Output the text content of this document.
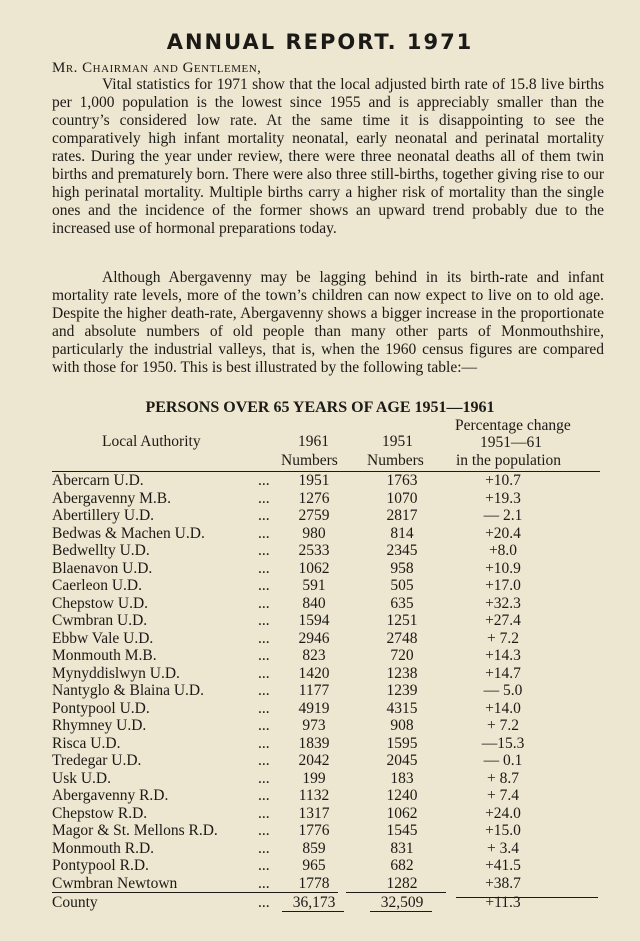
ANNUAL REPORT. 1971
Mr. Chairman and Gentlemen,

Vital statistics for 1971 show that the local adjusted birth rate of 15.8 live births per 1,000 population is the lowest since 1955 and is appreciably smaller than the country’s considered low rate. At the same time it is disappointing to see the comparatively high infant mortality neonatal, early neonatal and perinatal mortality rates. During the year under review, there were three neonatal deaths all of them twin births and prematurely born. There were also three still-births, together giving rise to our high perinatal mortality. Multiple births carry a higher risk of mortality than the single ones and the incidence of the former shows an upward trend probably due to the increased use of hormonal preparations today.

Although Abergavenny may be lagging behind in its birth-rate and infant mortality rate levels, more of the town’s children can now expect to live on to old age. Despite the higher death-rate, Abergavenny shows a bigger increase in the proportionate and absolute numbers of old people than many other parts of Monmouthshire, particularly the industrial valleys, that is, when the 1960 census figures are compared with those for 1950. This is best illustrated by the following table:—

PERSONS OVER 65 YEARS OF AGE 1951—1961
Local Authority	1961	1951
Numbers Numbers
Percentage change
1951—61
in the population
Abercarn U.D.	...	1951	1763	+10.7
Abergavenny M.B.	...	1276	1070	+19.3
Abertillery U.D.	...	2759	2817	— 2.1
Bedwas & Machen U.D.	...	980	814	+20.4
Bedwellty U.D.	...	2533	2345	+8.0
Blaenavon U.D.	...	1062	958	+10.9
Caerleon U.D.	...	591	505	+17.0
Chepstow U.D.	...	840	635	+32.3
Cwmbran U.D.	...	1594	1251	+27.4
Ebbw Vale U.D.	...	2946	2748	+ 7.2
Monmouth M.B.	...	823	720	+14.3
Mynyddislwyn U.D.	...	1420	1238	+14.7
Nantyglo & Blaina U.D.	...	1177	1239	— 5.0
Pontypool U.D.	...	4919	4315	+14.0
Rhymney U.D.	...	973	908	+ 7.2
Risca U.D.	...	1839	1595	—15.3
Tredegar U.D.	...	2042	2045	— 0.1
Usk U.D.	...	199	183	+ 8.7
Abergavenny R.D.	...	1132	1240	+ 7.4
Chepstow R.D.	...	1317	1062	+24.0
Magor & St. Mellons R.D.	...	1776	1545	+15.0
Monmouth R.D.	...	859	831	+ 3.4
Pontypool R.D.	...	965	682	+41.5
Cwmbran Newtown	...	1778	1282	+38.7
County	...	36,173	32,509	+11.3
